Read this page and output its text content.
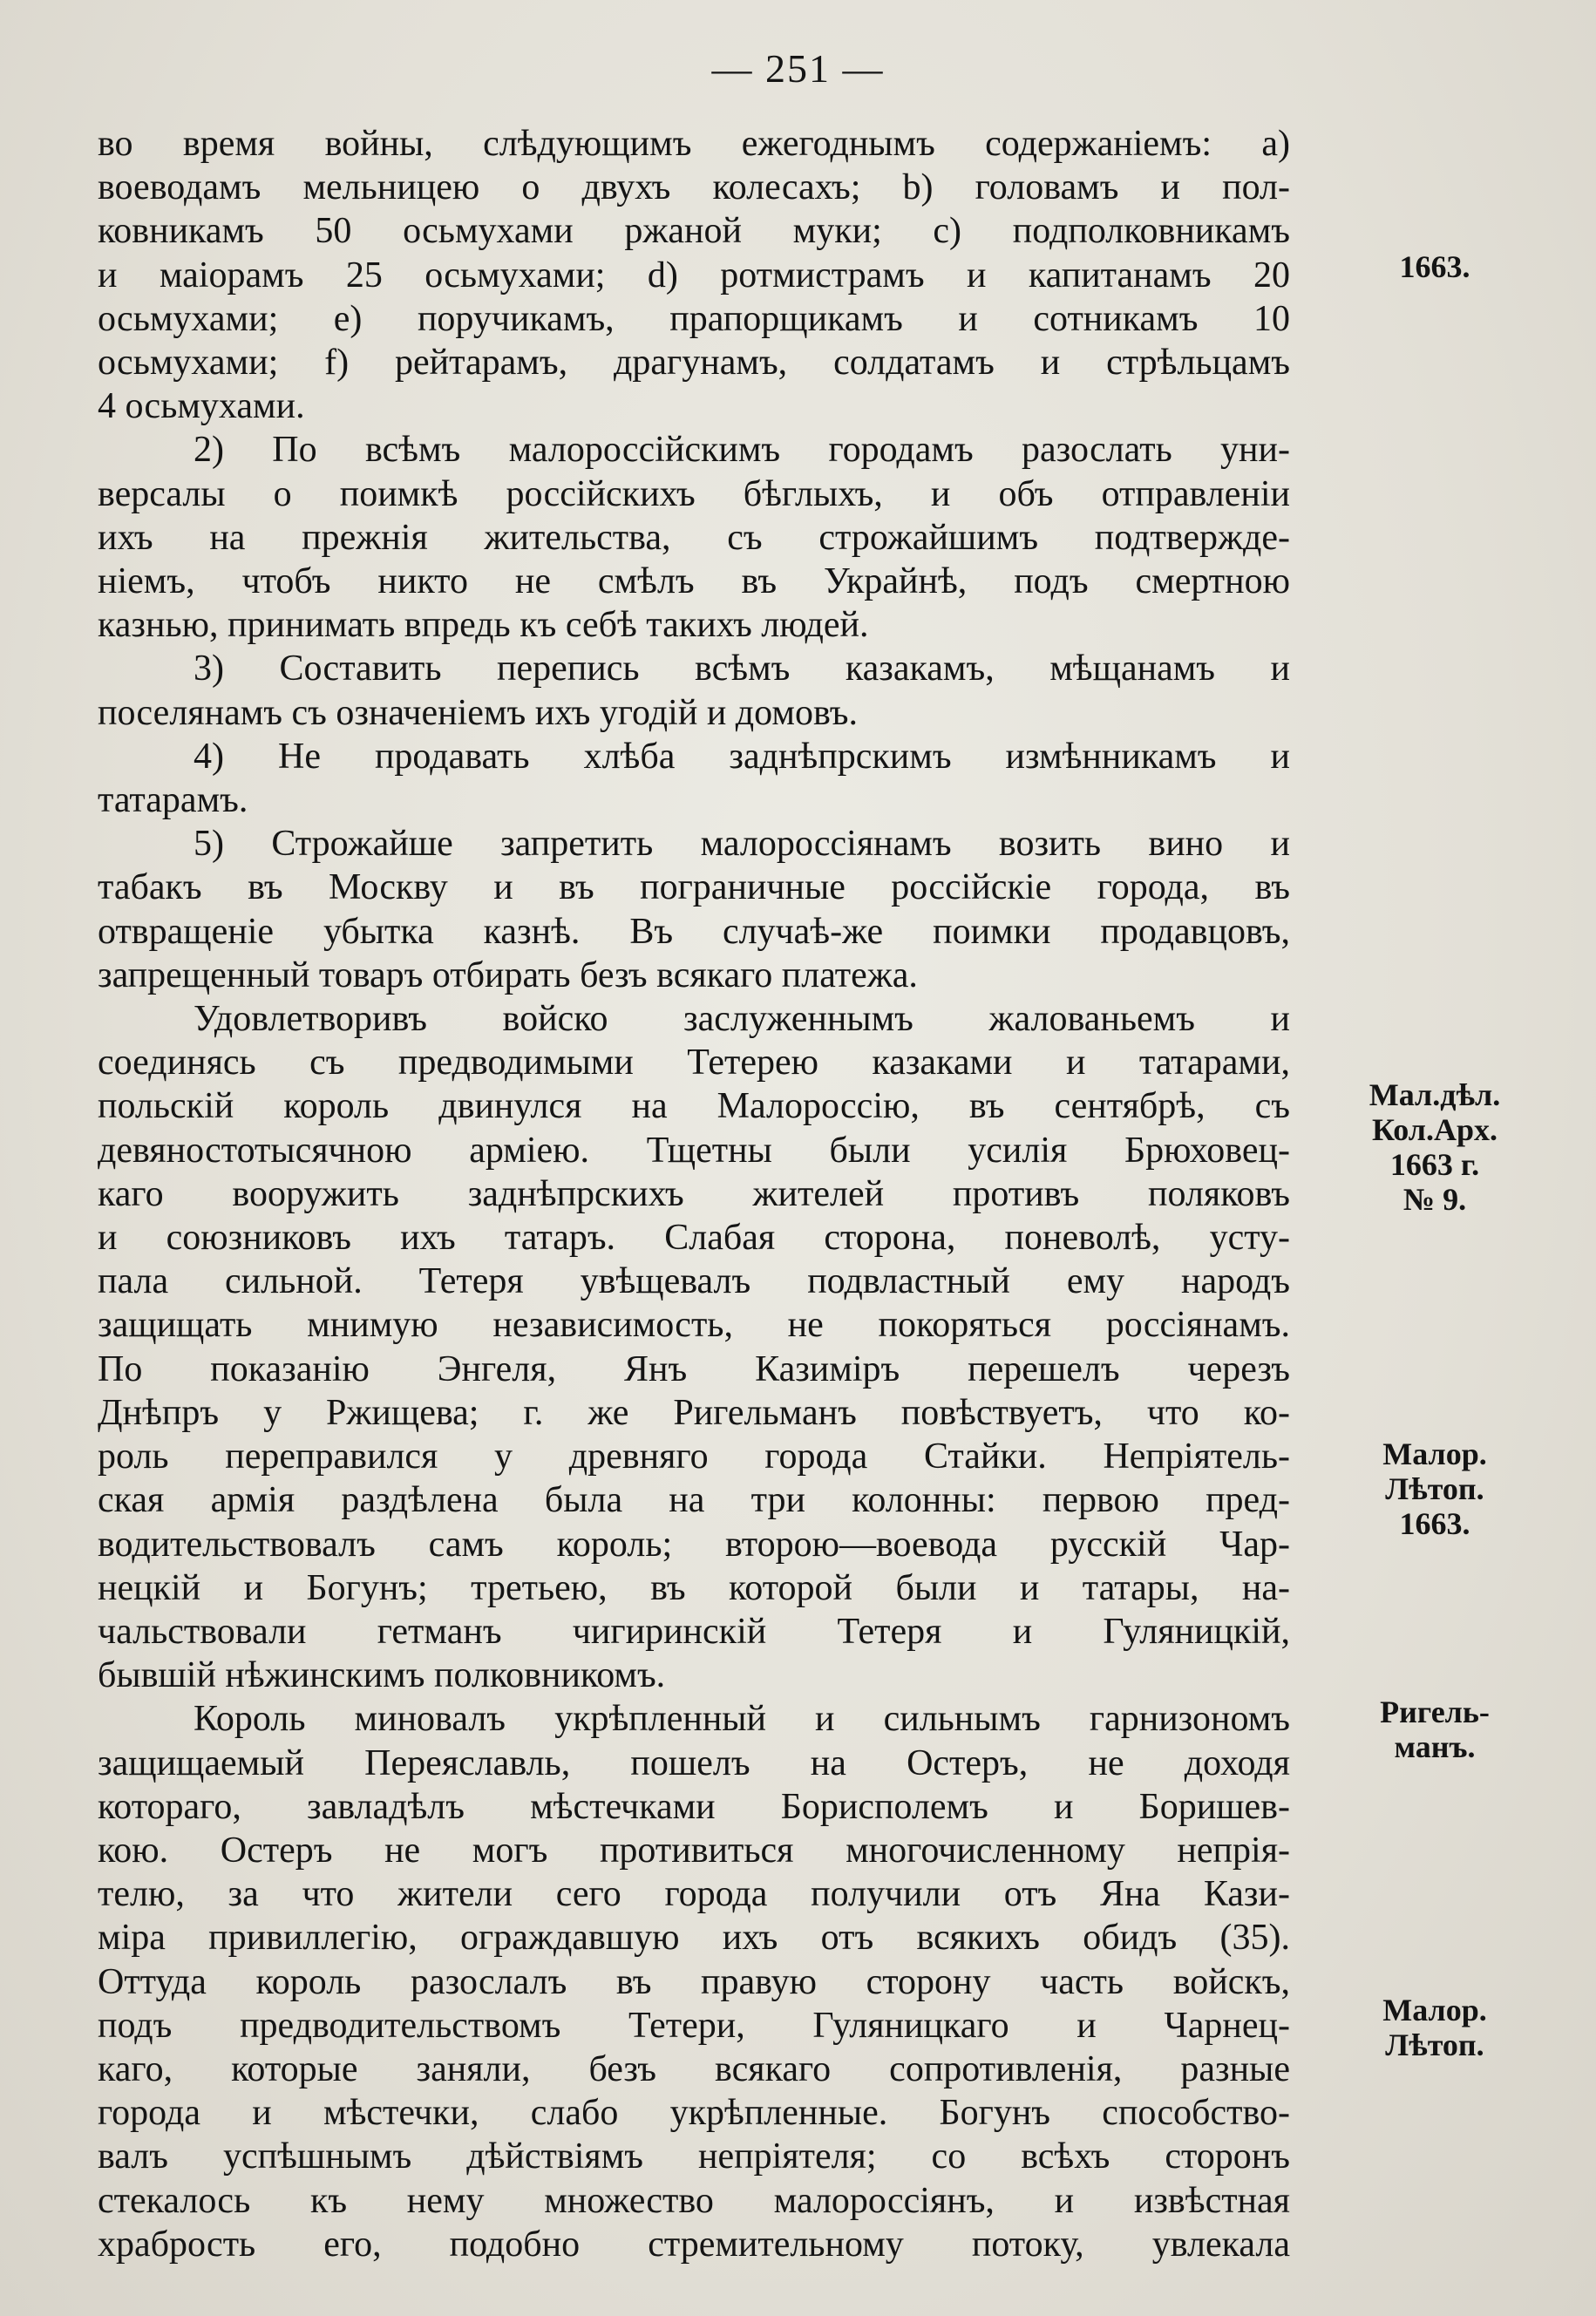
— 251 —

во время войны, слѣдующимъ ежегоднымъ содержаніемъ: a)
воеводамъ мельницею о двухъ колесахъ; b) головамъ и пол-
ковникамъ 50 осьмухами ржаной муки; c) подполковникамъ
и маіорамъ 25 осьмухами; d) ротмистрамъ и капитанамъ 20
осьмухами; e) поручикамъ, прапорщикамъ и сотникамъ 10
осьмухами; f) рейтарамъ, драгунамъ, солдатамъ и стрѣльцамъ
4 осьмухами.

2) По всѣмъ малороссійскимъ городамъ разослать уни-
версалы о поимкѣ россійскихъ бѣглыхъ, и объ отправленіи
ихъ на прежнія жительства, съ строжайшимъ подтвержде-
ніемъ, чтобъ никто не смѣлъ въ Украйнѣ, подъ смертною
казнью, принимать впредь къ себѣ такихъ людей.

3) Составить перепись всѣмъ казакамъ, мѣщанамъ и
поселянамъ съ означеніемъ ихъ угодій и домовъ.

4) Не продавать хлѣба заднѣпрскимъ измѣнникамъ и
татарамъ.

5) Строжайше запретить малороссіянамъ возить вино и
табакъ въ Москву и въ пограничные россійскіе города, въ
отвращеніе убытка казнѣ. Въ случаѣ-же поимки продавцовъ,
запрещенный товаръ отбирать безъ всякаго платежа.

Удовлетворивъ войско заслуженнымъ жалованьемъ и
соединясь съ предводимыми Тетерею казаками и татарами,
польскій король двинулся на Малороссію, въ сентябрѣ, съ
девяностотысячною арміею. Тщетны были усилія Брюховец-
каго вооружить заднѣпрскихъ жителей противъ поляковъ
и союзниковъ ихъ татаръ. Слабая сторона, поневолѣ, усту-
пала сильной. Тетеря увѣщевалъ подвластный ему народъ
защищать мнимую независимость, не покоряться россіянамъ.
По показанію Энгеля, Янъ Казиміръ перешелъ черезъ
Днѣпръ у Ржищева; г. же Ригельманъ повѣствуетъ, что ко-
роль переправился у древняго города Стайки. Непріятель-
ская армія раздѣлена была на три колонны: первою пред-
водительствовалъ самъ король; второю—воевода русскій Чар-
нецкій и Богунъ; третьею, въ которой были и татары, на-
чальствовали гетманъ чигиринскій Тетеря и Гуляницкій,
бывшій нѣжинскимъ полковникомъ.

Король миновалъ укрѣпленный и сильнымъ гарнизономъ
защищаемый Переяславль, пошелъ на Остеръ, не доходя
котораго, завладѣлъ мѣстечками Борисполемъ и Боришев-
кою. Остеръ не могъ противиться многочисленному непрія-
телю, за что жители сего города получили отъ Яна Кази-
міра привиллегію, ограждавшую ихъ отъ всякихъ обидъ (35).
Оттуда король разослалъ въ правую сторону часть войскъ,
подъ предводительствомъ Тетери, Гуляницкаго и Чарнец-
каго, которые заняли, безъ всякаго сопротивленія, разные
города и мѣстечки, слабо укрѣпленные. Богунъ способство-
валъ успѣшнымъ дѣйствіямъ непріятеля; со всѣхъ сторонъ
стекалось къ нему множество малороссіянъ, и извѣстная
храбрость его, подобно стремительному потоку, увлекала

1663.
Мал.дѣл.
Кол.Арх.
1663 г.
№ 9.
Малор.
Лѣтоп.
1663.
Ригель-
манъ.
Малор.
Лѣтоп.
